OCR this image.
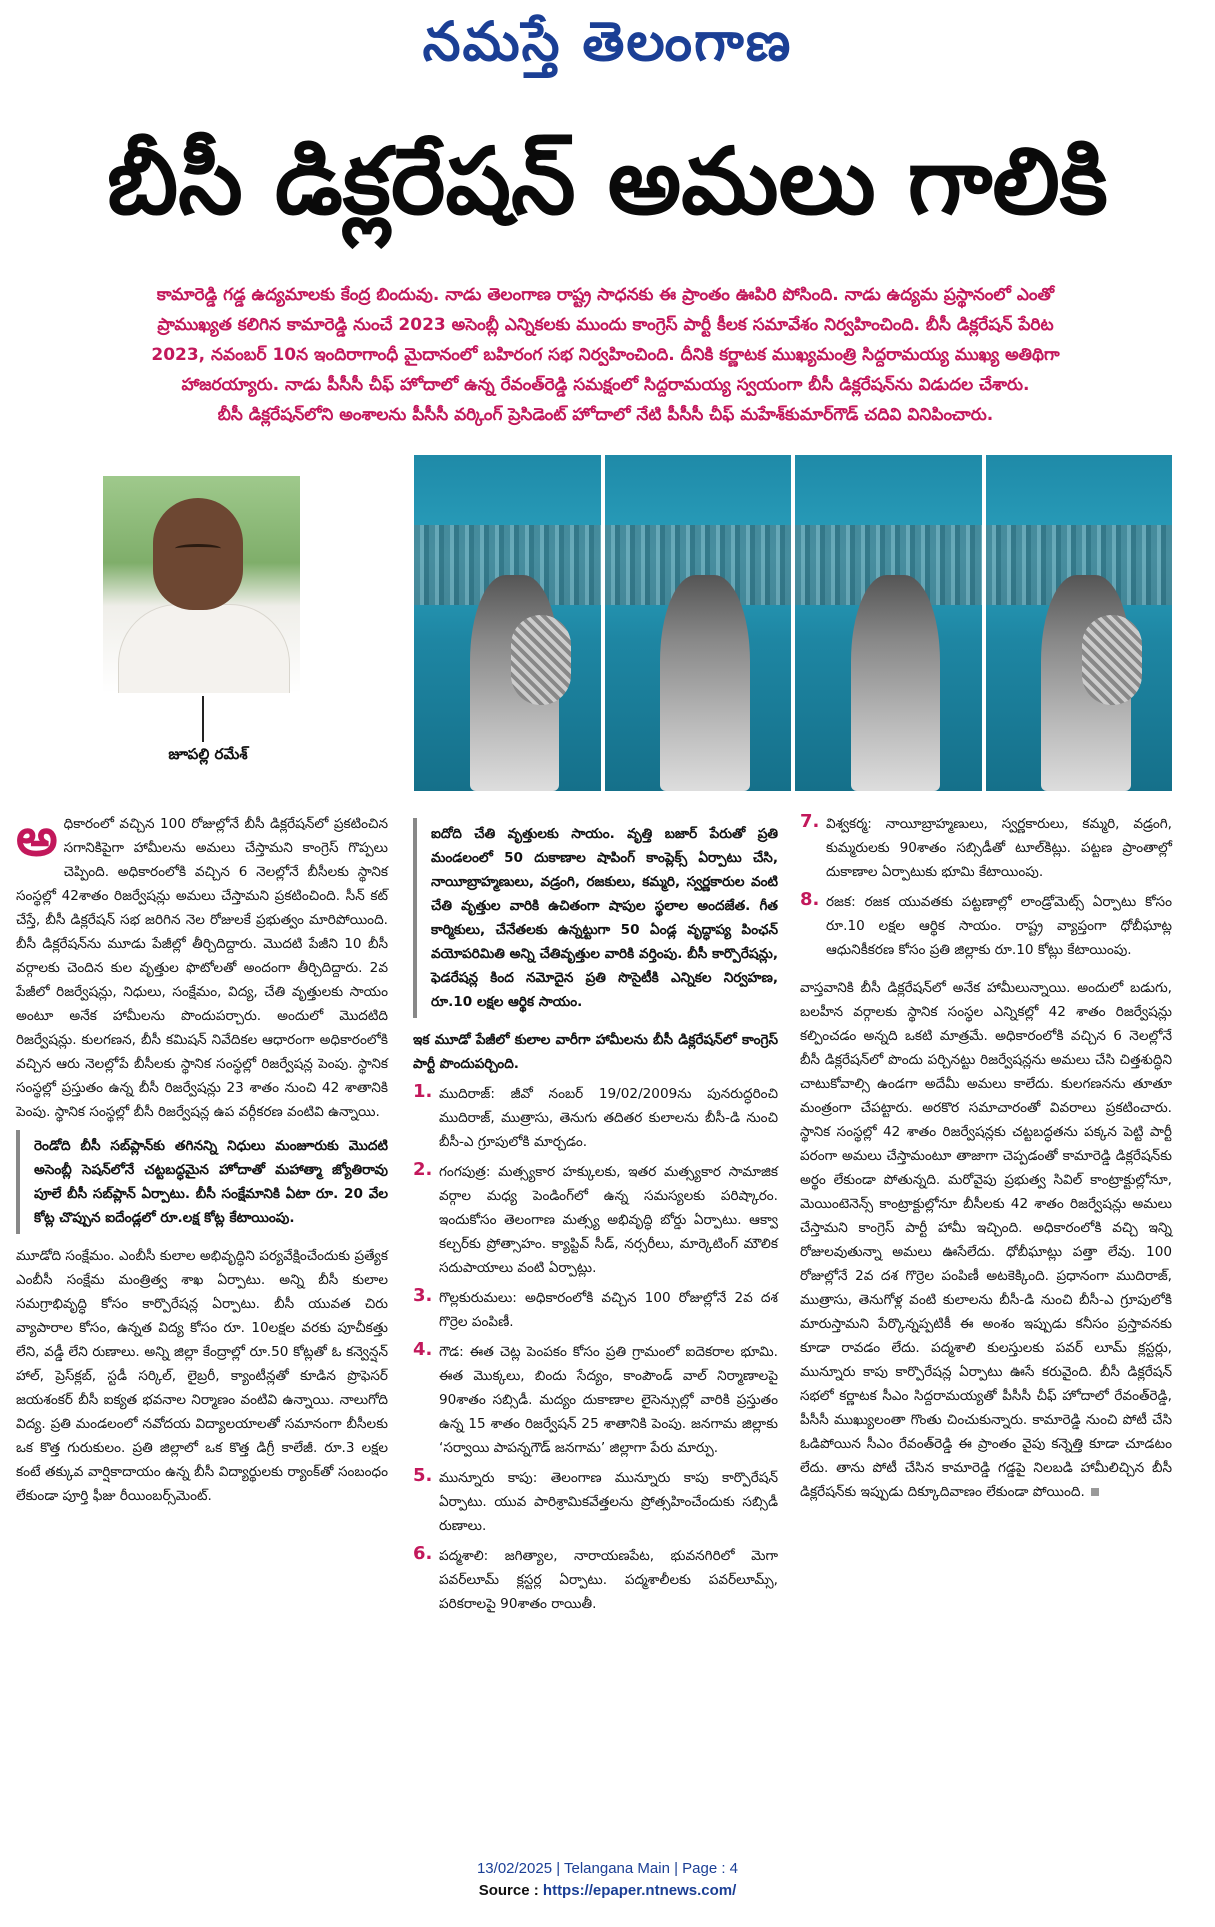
నమస్తే తెలంగాణ
బీసీ డిక్లరేషన్ అమలు గాలికి

కామారెడ్డి గడ్డ ఉద్యమాలకు కేంద్ర బిందువు. నాడు తెలంగాణ రాష్ట్ర సాధనకు ఈ ప్రాంతం ఊపిరి పోసింది. నాడు ఉద్యమ ప్రస్థానంలో ఎంతో

ప్రాముఖ్యత కలిగిన కామారెడ్డి నుంచే 2023 అసెంబ్లీ ఎన్నికలకు ముందు కాంగ్రెస్ పార్టీ కీలక సమావేశం నిర్వహించింది. బీసీ డిక్లరేషన్ పేరిట

2023, నవంబర్ 10న ఇందిరాగాంధీ మైదానంలో బహిరంగ సభ నిర్వహించింది. దీనికి కర్ణాటక ముఖ్యమంత్రి సిద్దరామయ్య ముఖ్య అతిథిగా

హాజరయ్యారు. నాడు పీసీసీ చీఫ్ హోదాలో ఉన్న రేవంత్‌రెడ్డి సమక్షంలో సిద్దరామయ్య స్వయంగా బీసీ డిక్లరేషన్‌ను విడుదల చేశారు.

బీసీ డిక్లరేషన్‌లోని అంశాలను పీసీసీ వర్కింగ్ ప్రెసిడెంట్ హోదాలో నేటి పీసీసీ చీఫ్ మహేశ్‌కుమార్‌గౌడ్ చదివి వినిపించారు.

జూపల్లి రమేశ్

అధికారంలో వచ్చిన 100 రోజుల్లోనే బీసీ డిక్లరేషన్‌లో ప్రకటించిన సగానికిపైగా హామీలను అమలు చేస్తామని కాంగ్రెస్ గొప్పలు చెప్పింది. అధికారంలోకి వచ్చిన 6 నెలల్లోనే బీసీలకు స్థానిక సంస్థల్లో 42శాతం రిజర్వేషన్లు అమలు చేస్తామని ప్రకటించింది. సీన్ కట్ చేస్తే, బీసీ డిక్లరేషన్ సభ జరిగిన నెల రోజులకే ప్రభుత్వం మారిపోయింది. బీసీ డిక్లరేషన్‌ను మూడు పేజీల్లో తీర్చిదిద్దారు. మొదటి పేజీని 10 బీసీ వర్గాలకు చెందిన కుల వృత్తుల ఫొటోలతో అందంగా తీర్చిదిద్దారు. 2వ పేజీలో రిజర్వేషన్లు, నిధులు, సంక్షేమం, విద్య, చేతి వృత్తులకు సాయం అంటూ అనేక హామీలను పొందుపర్చారు. అందులో మొదటిది రిజర్వేషన్లు. కులగణన, బీసీ కమిషన్ నివేదికల ఆధారంగా అధికారంలోకి వచ్చిన ఆరు నెలల్లోపే బీసీలకు స్థానిక సంస్థల్లో రిజర్వేషన్ల పెంపు. స్థానిక సంస్థల్లో ప్రస్తుతం ఉన్న బీసీ రిజర్వేషన్లు 23 శాతం నుంచి 42 శాతానికి పెంపు. స్థానిక సంస్థల్లో బీసీ రిజర్వేషన్ల ఉప వర్గీకరణ వంటివి ఉన్నాయి.

రెండోది బీసీ సబ్‌ప్లాన్‌కు తగినన్ని నిధులు మంజూరుకు మొదటి అసెంబ్లీ సెషన్‌లోనే చట్టబద్ధమైన హోదాతో మహాత్మా జ్యోతిరావు పూలే బీసీ సబ్‌ప్లాన్ ఏర్పాటు. బీసీ సంక్షేమానికి ఏటా రూ. 20 వేల కోట్ల చొప్పున ఐదేండ్లలో రూ.లక్ష కోట్ల కేటాయింపు.

మూడోది సంక్షేమం. ఎంబీసీ కులాల అభివృద్ధిని పర్యవేక్షించేందుకు ప్రత్యేక ఎంబీసీ సంక్షేమ మంత్రిత్వ శాఖ ఏర్పాటు. అన్ని బీసీ కులాల సమగ్రాభివృద్ధి కోసం కార్పొరేషన్ల ఏర్పాటు. బీసీ యువత చిరు వ్యాపారాల కోసం, ఉన్నత విద్య కోసం రూ. 10లక్షల వరకు పూచీకత్తు లేని, వడ్డీ లేని రుణాలు. అన్ని జిల్లా కేంద్రాల్లో రూ.50 కోట్లతో ఓ కన్వెన్షన్ హాల్, ప్రెస్‌క్లబ్, స్టడీ సర్కిల్, లైబ్రరీ, క్యాంటీన్లతో కూడిన ప్రొఫెసర్ జయశంకర్ బీసీ ఐక్యత భవనాల నిర్మాణం వంటివి ఉన్నాయి. నాలుగోది విద్య. ప్రతి మండలంలో నవోదయ విద్యాలయాలతో సమానంగా బీసీలకు ఒక కొత్త గురుకులం. ప్రతి జిల్లాలో ఒక కొత్త డిగ్రీ కాలేజీ. రూ.3 లక్షల కంటే తక్కువ వార్షికాదాయం ఉన్న బీసీ విద్యార్థులకు ర్యాంక్‌తో సంబంధం లేకుండా పూర్తి ఫీజు రీయింబర్స్‌మెంట్.

ఐదోది చేతి వృత్తులకు సాయం. వృత్తి బజార్ పేరుతో ప్రతి మండలంలో 50 దుకాణాల షాపింగ్ కాంప్లెక్స్ ఏర్పాటు చేసి, నాయీబ్రాహ్మణులు, వడ్రంగి, రజకులు, కమ్మరి, స్వర్ణకారుల వంటి చేతి వృత్తుల వారికి ఉచితంగా షాపుల స్థలాల అందజేత. గీత కార్మికులు, చేనేతలకు ఉన్నట్టుగా 50 ఏండ్ల వృద్ధాప్య పింఛన్ వయోపరిమితి అన్ని చేతివృత్తుల వారికి వర్తింపు. బీసీ కార్పొరేషన్లు, ఫెడరేషన్ల కింద నమోదైన ప్రతి సొసైటీకి ఎన్నికల నిర్వహణ, రూ.10 లక్షల ఆర్థిక సాయం.

ఇక మూడో పేజీలో కులాల వారీగా హామీలను బీసీ డిక్లరేషన్‌లో కాంగ్రెస్ పార్టీ పొందుపర్చింది.

1. ముదిరాజ్: జీవో నంబర్ 19/02/2009ను పునరుద్ధరించి ముదిరాజ్, ముత్రాసు, తెనుగు తదితర కులాలను బీసీ-డి నుంచి బీసీ-ఎ గ్రూపులోకి మార్చడం.
2. గంగపుత్ర: మత్స్యకార హక్కులకు, ఇతర మత్స్యకార సామాజిక వర్గాల మధ్య పెండింగ్‌లో ఉన్న సమస్యలకు పరిష్కారం. ఇందుకోసం తెలంగాణ మత్స్య అభివృద్ధి బోర్డు ఏర్పాటు. ఆక్వా కల్చర్‌కు ప్రోత్సాహం. క్యాప్టివ్ సీడ్, నర్సరీలు, మార్కెటింగ్ మౌలిక సదుపాయాలు వంటి ఏర్పాట్లు.
3. గొల్లకురుమలు: అధికారంలోకి వచ్చిన 100 రోజుల్లోనే 2వ దశ గొర్రెల పంపిణీ.
4. గౌడ: ఈత చెట్ల పెంపకం కోసం ప్రతి గ్రామంలో ఐదెకరాల భూమి. ఈత మొక్కలు, బిందు సేద్యం, కాంపౌండ్ వాల్ నిర్మాణాలపై 90శాతం సబ్సిడీ. మద్యం దుకాణాల లైసెన్సుల్లో వారికి ప్రస్తుతం ఉన్న 15 శాతం రిజర్వేషన్ 25 శాతానికి పెంపు. జనగామ జిల్లాకు ‘సర్వాయి పాపన్నగౌడ్ జనగామ’ జిల్లాగా పేరు మార్పు.
5. మున్నూరు కాపు: తెలంగాణ మున్నూరు కాపు కార్పొరేషన్ ఏర్పాటు. యువ పారిశ్రామికవేత్తలను ప్రోత్సహించేందుకు సబ్సిడీ రుణాలు.
6. పద్మశాలి: జగిత్యాల, నారాయణపేట, భువనగిరిలో మెగా పవర్‌లూమ్ క్లస్టర్ల ఏర్పాటు. పద్మశాలీలకు పవర్‌లూమ్స్, పరికరాలపై 90శాతం రాయితీ.
7. విశ్వకర్మ: నాయీబ్రాహ్మణులు, స్వర్ణకారులు, కమ్మరి, వడ్రంగి, కుమ్మరులకు 90శాతం సబ్సిడీతో టూల్‌కిట్లు. పట్టణ ప్రాంతాల్లో దుకాణాల ఏర్పాటుకు భూమి కేటాయింపు.
8. రజక: రజక యువతకు పట్టణాల్లో లాండ్రోమెట్స్ ఏర్పాటు కోసం రూ.10 లక్షల ఆర్థిక సాయం. రాష్ట్ర వ్యాప్తంగా ధోబీఘాట్ల ఆధునికీకరణ కోసం ప్రతి జిల్లాకు రూ.10 కోట్లు కేటాయింపు.

వాస్తవానికి బీసీ డిక్లరేషన్‌లో అనేక హామీలున్నాయి. అందులో బడుగు, బలహీన వర్గాలకు స్థానిక సంస్థల ఎన్నికల్లో 42 శాతం రిజర్వేషన్లు కల్పించడం అన్నది ఒకటి మాత్రమే. అధికారంలోకి వచ్చిన 6 నెలల్లోనే బీసీ డిక్లరేషన్‌లో పొందు పర్చినట్టు రిజర్వేషన్లను అమలు చేసి చిత్తశుద్ధిని చాటుకోవాల్సి ఉండగా అదేమీ అమలు కాలేదు. కులగణనను తూతూ మంత్రంగా చేపట్టారు. అరకొర సమాచారంతో వివరాలు ప్రకటించారు. స్థానిక సంస్థల్లో 42 శాతం రిజర్వేషన్లకు చట్టబద్ధతను పక్కన పెట్టి పార్టీ పరంగా అమలు చేస్తామంటూ తాజాగా చెప్పడంతో కామారెడ్డి డిక్లరేషన్‌కు అర్థం లేకుండా పోతున్నది. మరోవైపు ప్రభుత్వ సివిల్ కాంట్రాక్టుల్లోనూ, మెయింటెనెన్స్ కాంట్రాక్టుల్లోనూ బీసీలకు 42 శాతం రిజర్వేషన్లు అమలు చేస్తామని కాంగ్రెస్ పార్టీ హామీ ఇచ్చింది. అధికారంలోకి వచ్చి ఇన్ని రోజులవుతున్నా అమలు ఊసేలేదు. ధోబీఘాట్లు పత్తా లేవు. 100 రోజుల్లోనే 2వ దశ గొర్రెల పంపిణీ అటకెక్కింది. ప్రధానంగా ముదిరాజ్, ముత్రాసు, తెనుగోళ్ల వంటి కులాలను బీసీ-డి నుంచి బీసీ-ఎ గ్రూపులోకి మారుస్తామని పేర్కొన్నప్పటికీ ఈ అంశం ఇప్పుడు కనీసం ప్రస్తావనకు కూడా రావడం లేదు. పద్మశాలి కులస్తులకు పవర్ లూమ్ క్లస్టర్లు, మున్నూరు కాపు కార్పొరేషన్ల ఏర్పాటు ఊసే కరువైంది. బీసీ డిక్లరేషన్ సభలో కర్ణాటక సీఎం సిద్దరామయ్యతో పీసీసీ చీఫ్ హోదాలో రేవంత్‌రెడ్డి, పీసీసీ ముఖ్యులంతా గొంతు చించుకున్నారు. కామారెడ్డి నుంచి పోటీ చేసి ఓడిపోయిన సీఎం రేవంత్‌రెడ్డి ఈ ప్రాంతం వైపు కన్నెత్తి కూడా చూడటం లేదు. తాను పోటీ చేసిన కామారెడ్డి గడ్డపై నిలబడి హామీలిచ్చిన బీసీ డిక్లరేషన్‌కు ఇప్పుడు దిక్కూదివాణం లేకుండా పోయింది.

13/02/2025 | Telangana Main | Page : 4
Source : https://epaper.ntnews.com/
